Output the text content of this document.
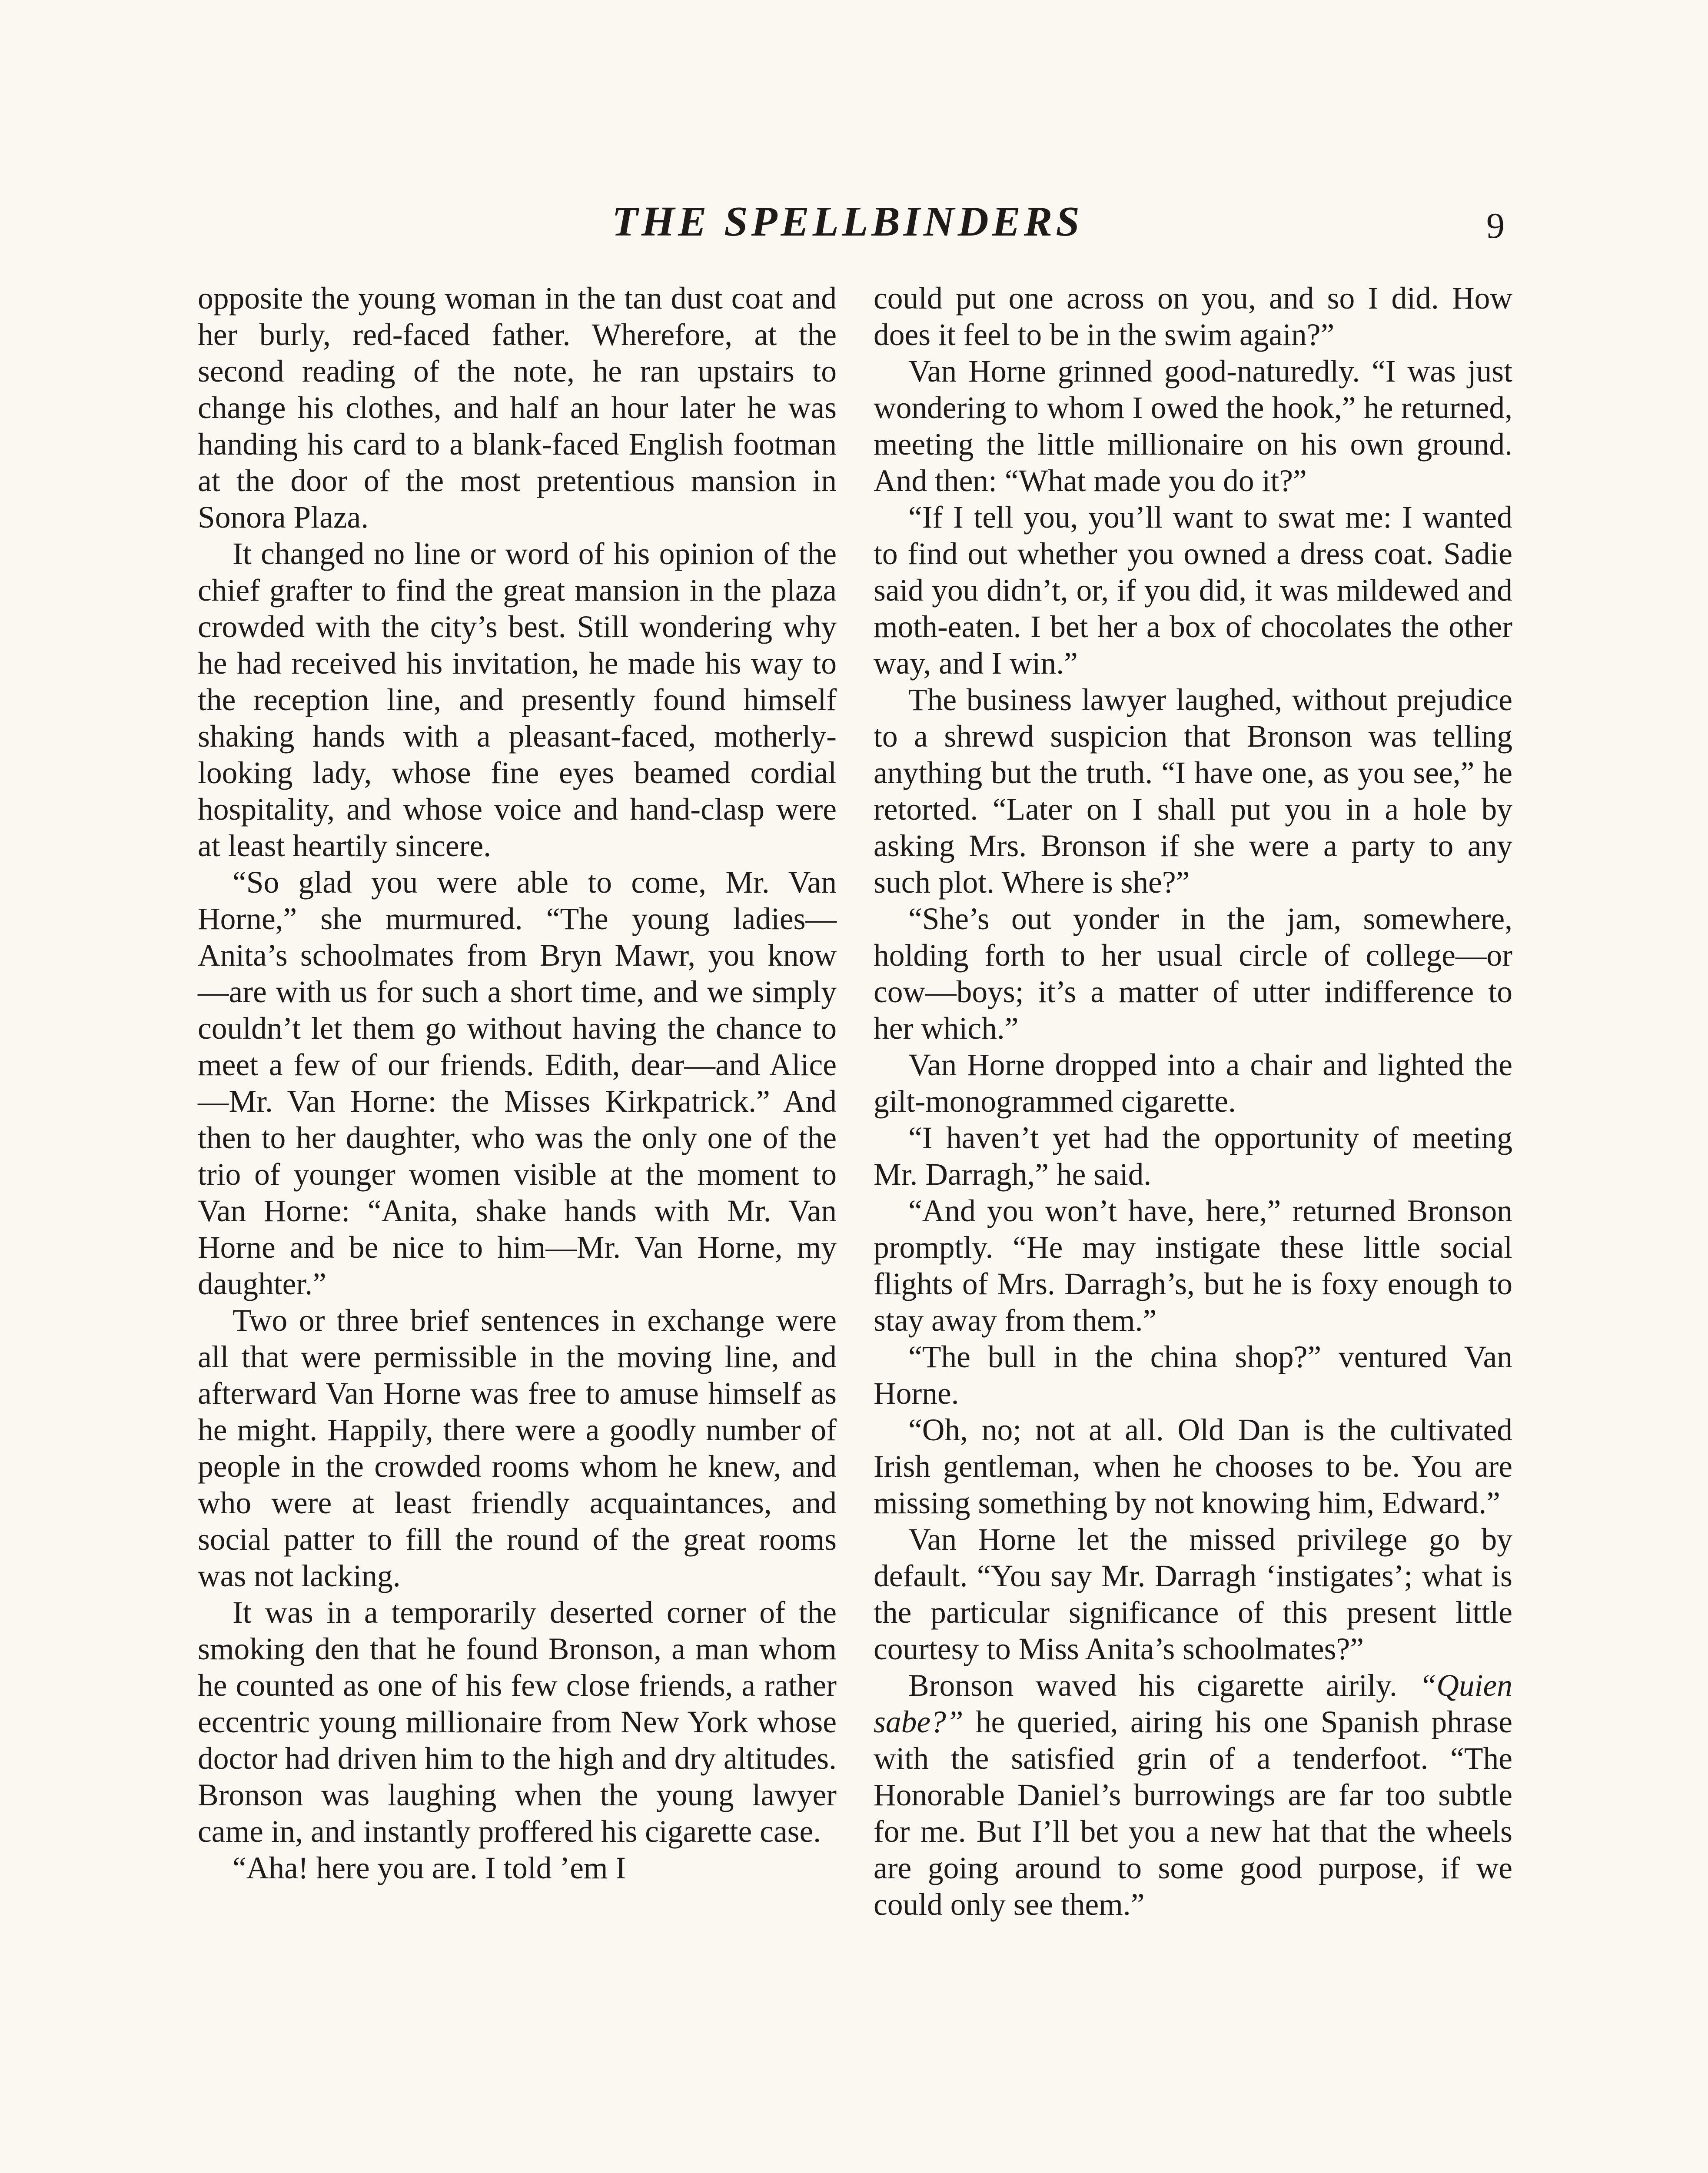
THE SPELLBINDERS	9

opposite the young woman in the tan dust coat and her burly, red-faced father. Wherefore, at the second reading of the note, he ran upstairs to change his clothes, and half an hour later he was handing his card to a blank-faced English footman at the door of the most pretentious mansion in Sonora Plaza.

It changed no line or word of his opinion of the chief grafter to find the great mansion in the plaza crowded with the city’s best. Still wondering why he had received his invitation, he made his way to the reception line, and presently found himself shaking hands with a pleasant-faced, motherly-looking lady, whose fine eyes beamed cordial hospitality, and whose voice and hand-clasp were at least heartily sincere.

“So glad you were able to come, Mr. Van Horne,” she murmured. “The young ladies—Anita’s schoolmates from Bryn Mawr, you know—are with us for such a short time, and we simply couldn’t let them go without having the chance to meet a few of our friends. Edith, dear—and Alice—Mr. Van Horne: the Misses Kirkpatrick.” And then to her daughter, who was the only one of the trio of younger women visible at the moment to Van Horne: “Anita, shake hands with Mr. Van Horne and be nice to him—Mr. Van Horne, my daughter.”

Two or three brief sentences in exchange were all that were permissible in the moving line, and afterward Van Horne was free to amuse himself as he might. Happily, there were a goodly number of people in the crowded rooms whom he knew, and who were at least friendly acquaintances, and social patter to fill the round of the great rooms was not lacking.

It was in a temporarily deserted corner of the smoking den that he found Bronson, a man whom he counted as one of his few close friends, a rather eccentric young millionaire from New York whose doctor had driven him to the high and dry altitudes. Bronson was laughing when the young lawyer came in, and instantly proffered his cigarette case.

“Aha! here you are. I told ’em I

could put one across on you, and so I did. How does it feel to be in the swim again?”

Van Horne grinned good-naturedly. “I was just wondering to whom I owed the hook,” he returned, meeting the little millionaire on his own ground. And then: “What made you do it?”

“If I tell you, you’ll want to swat me: I wanted to find out whether you owned a dress coat. Sadie said you didn’t, or, if you did, it was mildewed and moth-eaten. I bet her a box of chocolates the other way, and I win.”

The business lawyer laughed, without prejudice to a shrewd suspicion that Bronson was telling anything but the truth. “I have one, as you see,” he retorted. “Later on I shall put you in a hole by asking Mrs. Bronson if she were a party to any such plot. Where is she?”

“She’s out yonder in the jam, somewhere, holding forth to her usual circle of college—or cow—boys; it’s a matter of utter indifference to her which.”

Van Horne dropped into a chair and lighted the gilt-monogrammed cigarette.

“I haven’t yet had the opportunity of meeting Mr. Darragh,” he said.

“And you won’t have, here,” returned Bronson promptly. “He may instigate these little social flights of Mrs. Darragh’s, but he is foxy enough to stay away from them.”

“The bull in the china shop?” ventured Van Horne.

“Oh, no; not at all. Old Dan is the cultivated Irish gentleman, when he chooses to be. You are missing something by not knowing him, Edward.”

Van Horne let the missed privilege go by default. “You say Mr. Darragh ‘instigates’; what is the particular significance of this present little courtesy to Miss Anita’s schoolmates?”

Bronson waved his cigarette airily. “Quien sabe?” he queried, airing his one Spanish phrase with the satisfied grin of a tenderfoot. “The Honorable Daniel’s burrowings are far too subtle for me. But I’ll bet you a new hat that the wheels are going around to some good purpose, if we could only see them.”
